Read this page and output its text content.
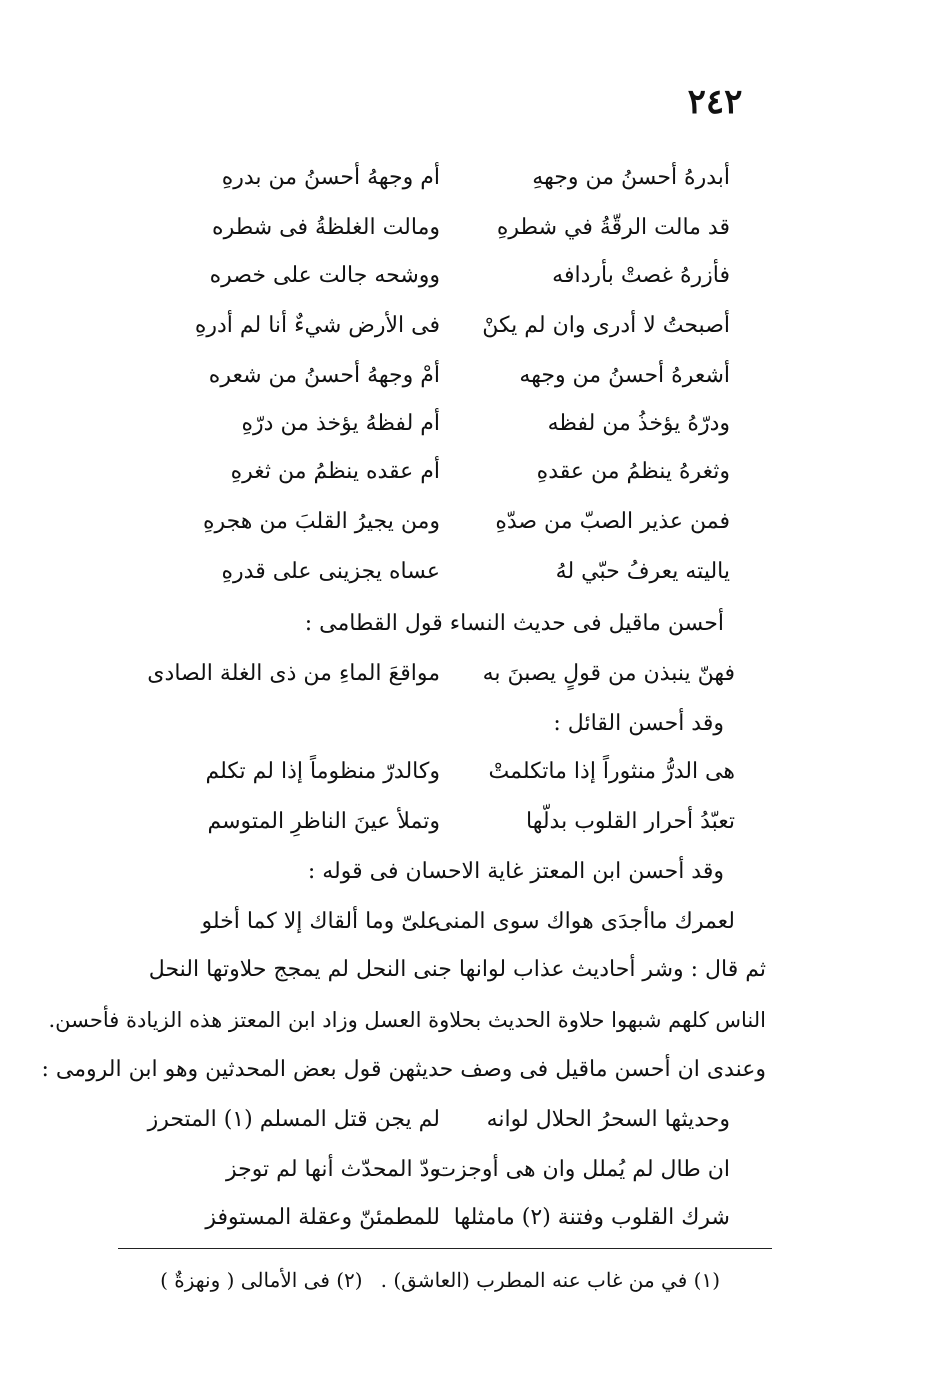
٢٤٢
أبدرهُ أحسنُ من وجههِ
أم وجههُ أحسنُ من بدرهِ
قد مالت الرقّةُ في شطرهِ
ومالت الغلظةُ فى شطره
فأزرهُ غصتْ بأردافه
ووشحه جالت على خصره
أصبحتُ لا أدرى وان لم يكنْ
فى الأرض شيءٌ أنا لم أدرهِ
أشعرهُ أحسنُ من وجهه
أمْ وجههُ أحسنُ من شعره
ودرّهُ يؤخذُ من لفظه
أم لفظهُ يؤخذ من درّهِ
وثغرهُ ينظمُ من عقدهِ
أم عقده ينظمُ من ثغرهِ
فمن عذير الصبّ من صدّهِ
ومن يجيرُ القلبَ من هجرهِ
ياليته يعرفُ حبّي لهُ
عساه يجزينى على قدرهِ
أحسن ماقيل فى حديث النساء قول القطامى :
فهنّ ينبذن من قولٍ يصبنَ به
مواقعَ الماءِ من ذى الغلة الصادى
وقد أحسن القائل :
هى الدرُّ منثوراً إذا ماتكلمتْ
وكالدرّ منظوماً إذا لم تكلم
تعبّدُ أحرار القلوب بدلّها
وتملأ عينَ الناظرِ المتوسم
وقد أحسن ابن المعتز غاية الاحسان فى قوله :
لعمرك ماأجدَى هواك سوى المنى
علىّ وما ألقاك إلا كما أخلو
ثم قال : وشر أحاديث عذاب لوانها جنى النحل لم يمجج حلاوتها النحل
الناس كلهم شبهوا حلاوة الحديث بحلاوة العسل وزاد ابن المعتز هذه الزيادة فأحسن.
وعندى ان أحسن ماقيل فى وصف حديثهن قول بعض المحدثين وهو ابن الرومى :
وحديثها السحرُ الحلال لوانه
لم يجن قتل المسلم (١) المتحرز
ان طال لم يُملل وان هى أوجزت
ودّ المحدّث أنها لم توجز
شرك القلوب وفتنة (٢) مامثلها
للمطمئنّ وعقلة المستوفز
(١) في من غاب عنه المطرب (العاشق) .(٢) فى الأمالى ( ونهزةٌ )
